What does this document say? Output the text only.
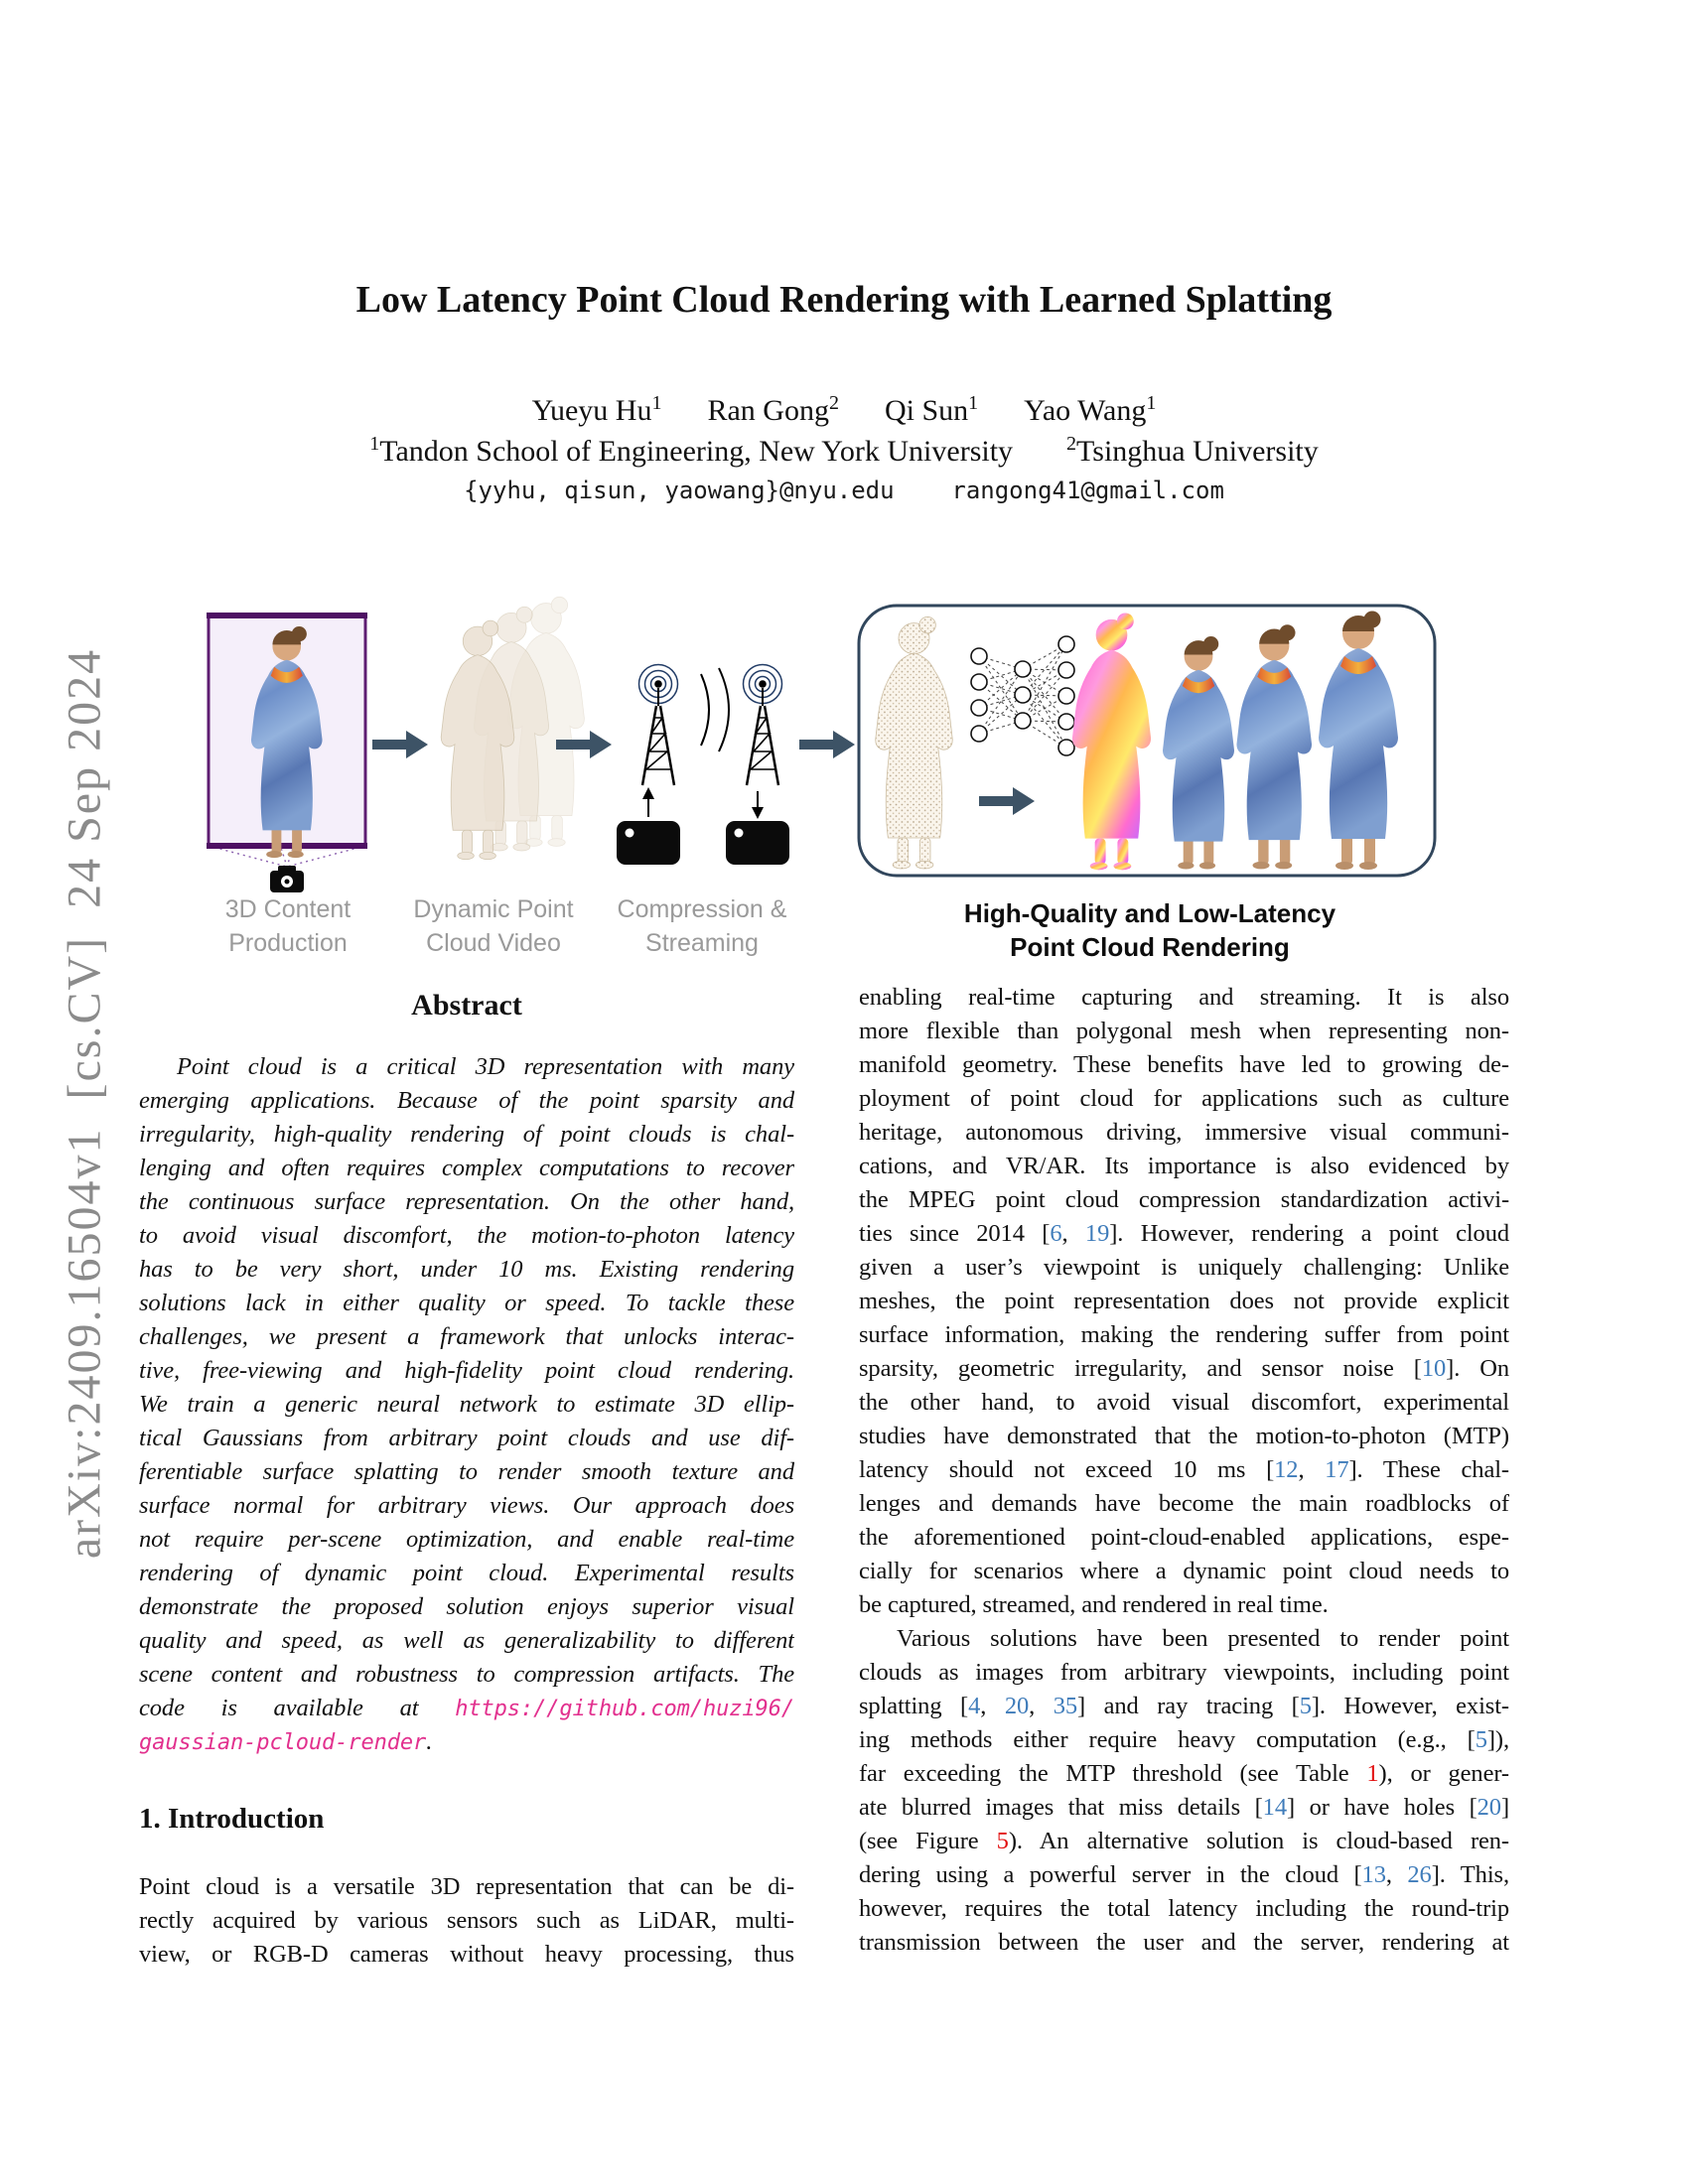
arXiv:2409.16504v1  [cs.CV]  24 Sep 2024
Low Latency Point Cloud Rendering with Learned Splatting
Yueyu Hu$^1$ Ran Gong$^2$ Qi Sun$^1$ Yao Wang$^1$
$^1$Tandon School of Engineering, New York University	$^2$Tsinghua University
{yyhu, qisun, yaowang}@nyu.edu    rangong41@gmail.com
3D Content
Production
Dynamic Point
Cloud Video
Compression &
Streaming
High-Quality and Low-Latency
Point Cloud Rendering
Abstract
Point cloud is a critical 3D representation with many
emerging applications. Because of the point sparsity and
irregularity, high-quality rendering of point clouds is chal-
lenging and often requires complex computations to recover
the continuous surface representation. On the other hand,
to avoid visual discomfort, the motion-to-photon latency
has to be very short, under 10 ms. Existing rendering
solutions lack in either quality or speed. To tackle these
challenges, we present a framework that unlocks interac-
tive, free-viewing and high-fidelity point cloud rendering.
We train a generic neural network to estimate 3D ellip-
tical Gaussians from arbitrary point clouds and use dif-
ferentiable surface splatting to render smooth texture and
surface normal for arbitrary views. Our approach does
not require per-scene optimization, and enable real-time
rendering of dynamic point cloud. Experimental results
demonstrate the proposed solution enjoys superior visual
quality and speed, as well as generalizability to different
scene content and robustness to compression artifacts. The
code is available at https://github.com/huzi96/
gaussian-pcloud-render.
1. Introduction
Point cloud is a versatile 3D representation that can be di-
rectly acquired by various sensors such as LiDAR, multi-
view, or RGB-D cameras without heavy processing, thus
enabling real-time capturing and streaming. It is also
more flexible than polygonal mesh when representing non-
manifold geometry. These benefits have led to growing de-
ployment of point cloud for applications such as culture
heritage, autonomous driving, immersive visual communi-
cations, and VR/AR. Its importance is also evidenced by
the MPEG point cloud compression standardization activi-
ties since 2014 [6, 19]. However, rendering a point cloud
given a user’s viewpoint is uniquely challenging: Unlike
meshes, the point representation does not provide explicit
surface information, making the rendering suffer from point
sparsity, geometric irregularity, and sensor noise [10]. On
the other hand, to avoid visual discomfort, experimental
studies have demonstrated that the motion-to-photon (MTP)
latency should not exceed 10 ms [12, 17]. These chal-
lenges and demands have become the main roadblocks of
the aforementioned point-cloud-enabled applications, espe-
cially for scenarios where a dynamic point cloud needs to
be captured, streamed, and rendered in real time.
Various solutions have been presented to render point
clouds as images from arbitrary viewpoints, including point
splatting [4, 20, 35] and ray tracing [5]. However, exist-
ing methods either require heavy computation (e.g., [5]),
far exceeding the MTP threshold (see Table 1), or gener-
ate blurred images that miss details [14] or have holes [20]
(see Figure 5). An alternative solution is cloud-based ren-
dering using a powerful server in the cloud [13, 26]. This,
however, requires the total latency including the round-trip
transmission between the user and the server, rendering at
